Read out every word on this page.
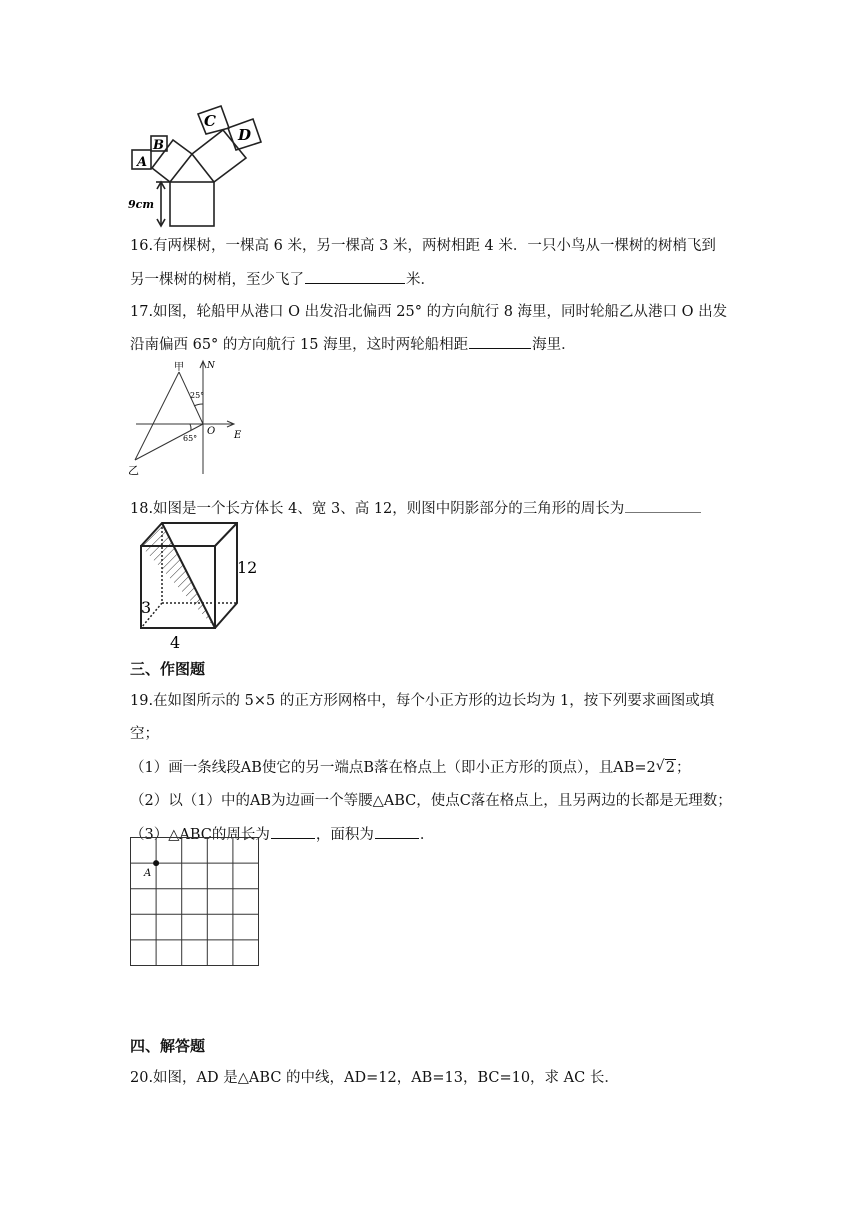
A
B
C
D
9cm
16.有两棵树，一棵高 6 米，另一棵高 3 米，两树相距 4 米．一只小鸟从一棵树的树梢飞到
另一棵树的树梢，至少飞了	米．
17.如图，轮船甲从港口 O 出发沿北偏西 25° 的方向航行 8 海里，同时轮船乙从港口 O 出发
沿南偏西 65° 的方向航行 15 海里，这时两轮船相距	海里．
甲
乙
N
E
O
25°
65°
18.如图是一个长方体长 4、宽 3、高 12，则图中阴影部分的三角形的周长为
12
3
4
三、作图题
19.在如图所示的 5×5 的正方形网格中，每个小正方形的边长均为 1，按下列要求画图或填
空；
（1）画一条线段AB使它的另一端点B落在格点上（即小正方形的顶点），且AB=2 √ 2；
（2）以（1）中的AB为边画一个等腰△ABC，使点C落在格点上，且另两边的长都是无理数；
（3）△ABC的周长为	，面积为	．
A
四、解答题
20.如图，AD 是△ABC 的中线，AD=12，AB=13，BC=10，求 AC 长．
